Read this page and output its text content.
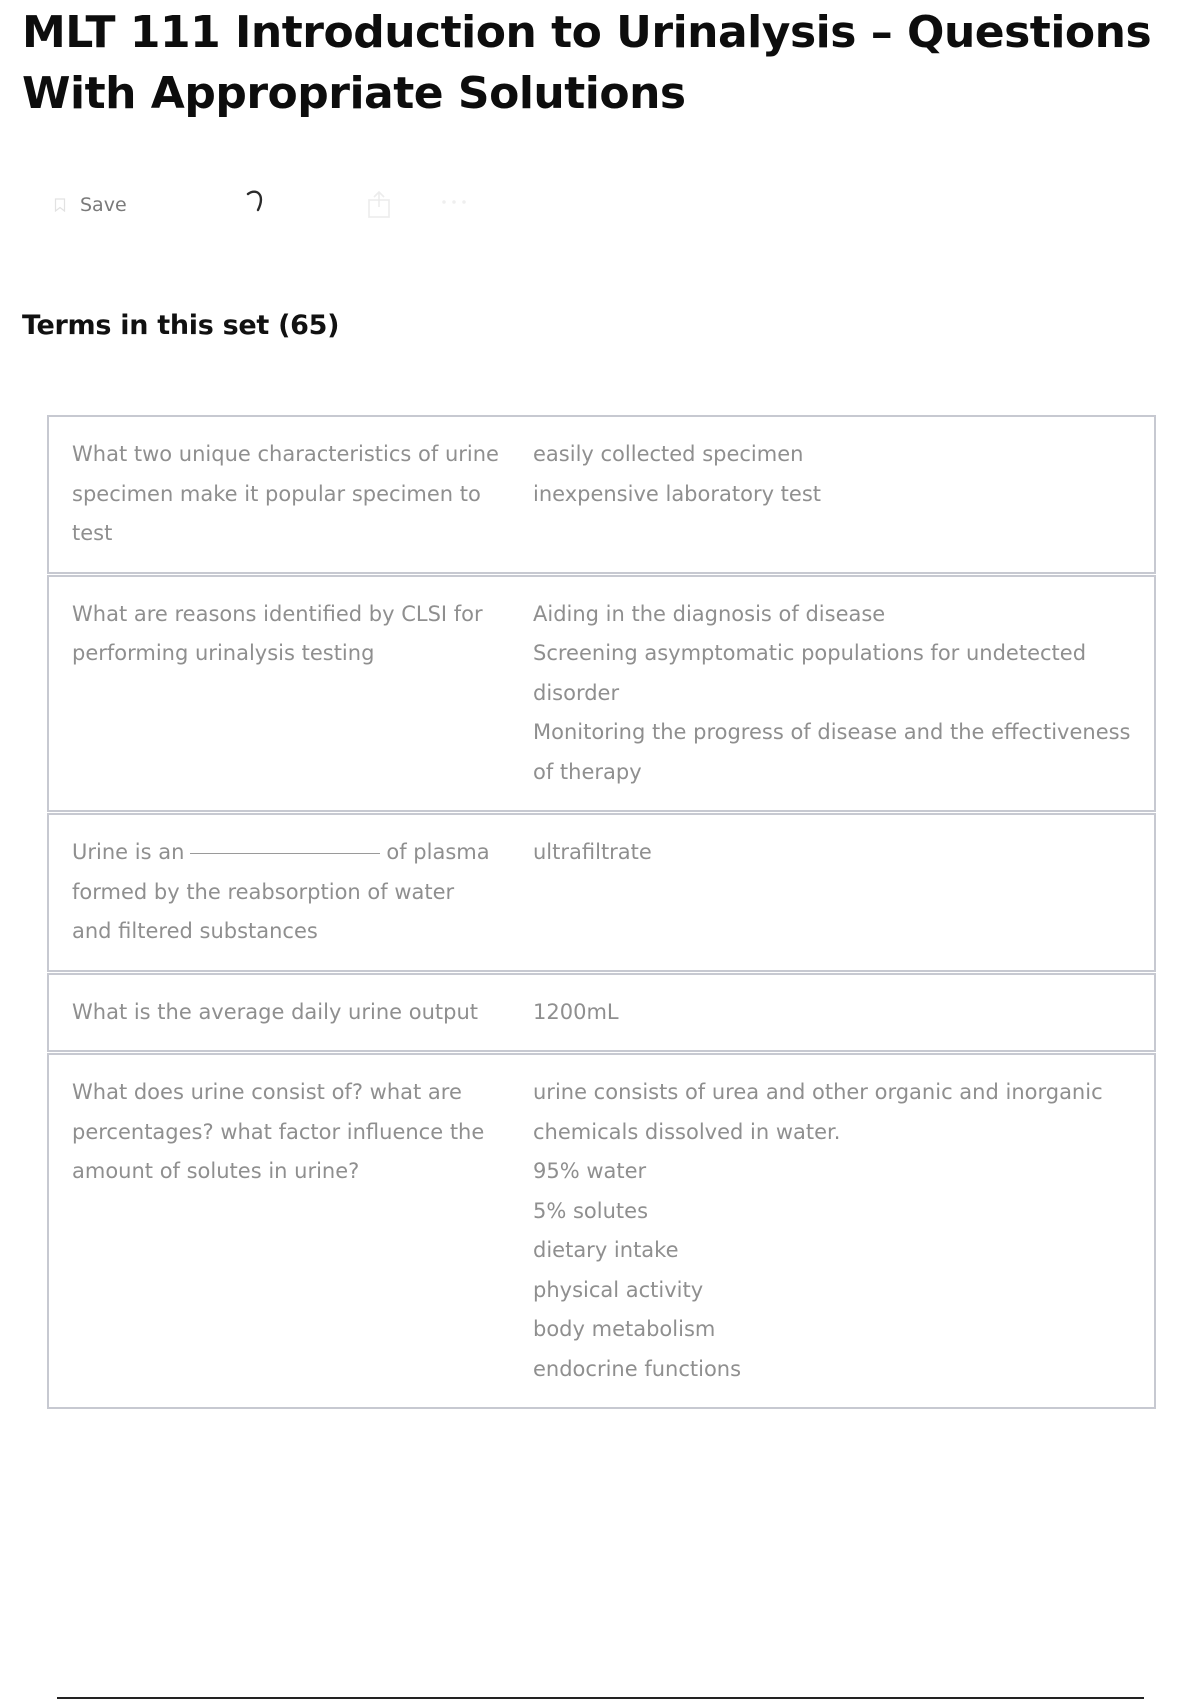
MLT 111 Introduction to Urinalysis – Questions With Appropriate Solutions
Save
Terms in this set (65)
What two unique characteristics of urine specimen make it popular specimen to test
easily collected specimen
inexpensive laboratory test
What are reasons identified by CLSI for performing urinalysis testing
Aiding in the diagnosis of disease
Screening asymptomatic populations for undetected disorder
Monitoring the progress of disease and the effectiveness of therapy
Urine is an	of plasma formed by the reabsorption of water and filtered substances
ultrafiltrate
What is the average daily urine output	1200mL
What does urine consist of? what are percentages? what factor influence the amount of solutes in urine?
urine consists of urea and other organic and inorganic chemicals dissolved in water.
95% water
5% solutes
dietary intake
physical activity
body metabolism
endocrine functions
